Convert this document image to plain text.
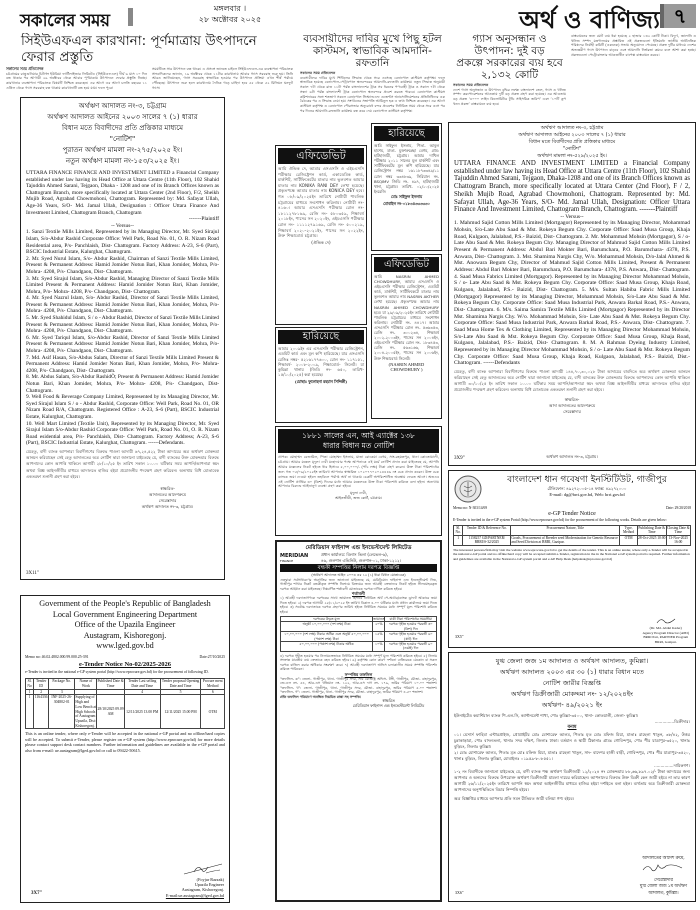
সকালের সময়
মঙ্গলবার ।
২৮ অক্টোবর ২০২৫	অর্থ ও বাণিজ্য ৭
সিইউএফএল কারখানা: পূর্ণমাত্রায় উৎপাদনে ফেরার প্রস্তুতি
সকালের সময় প্রতিবেদক
চট্টগ্রামের রাঙ্গুনিয়ার চিটাগং ইউরিয়া ফার্টিলাইজার লিমিটেড (সিইউএফএল) দীর্ঘ ৬ মাস ১০ দিন বন্ধ থাকার পর আগামী ২৯ অক্টোবর থেকে আবার পূর্ণমাত্রায় উৎপাদনে ফেরার প্রস্তুতি নিচ্ছে। কারখানার ব্যবস্থাপনা পরিচালক বিষয়টি নিশ্চিত করেছেন। এর আগে এর আগে চলতি বছরের ১১ এপ্রিল থেকে গ্যাস সরবরাহ বন্ধ থাকায় কারখানাটি বন্ধ হয়ে যায়। ফলে পুরো
সময়টিতে সার উৎপাদন বন্ধ থাকে। এ প্রসঙ্গে জানতে চাইলে সিইউএফএল-এর ব্যবস্থাপনা পরিচালক সাংবাদিকদের জানান, ১৯ অক্টোবর থেকে ১১টার কারখানায় আবার গ্যাস সরবরাহ শুরু হয়। তিনি আরও জানিয়েছেন, গ্যাস সরবরাহ স্বাভাবিক হওয়ার পর উৎপাদন প্রক্রিয়া এখন শীর্ষ পর্যায়ে পৌঁছেছে। উৎপাদন শুরু হলে কারখানায় দৈনিক গড়ে চাহিদা হবে ৫৫ থেকে ৫২ মিলিয়ন ঘনফুট গ্যাস।
ব্যবসায়ীদের দাবির মুখে পিছু হটল
কাস্টমস, স্বাভাবিক আমদানি-রফতানি
সকালের সময় প্রতিবেদক
ব্যবসায়ীদের দাবির মুখে শিথিলের সিদ্ধান্ত থেকে সরে এসেছে বেনাপোল কাস্টমস কর্তৃপক্ষ। ফলে স্বাভাবিক হয়েছে বেনাপোল-পেট্রাপোল স্থলবন্দরের আমদানি-রফতানি কার্যক্রম। নতুন সিদ্ধান্ত অনুযায়ী সকাল ৭টা থেকে রাত ১১টা পর্যন্ত বাংলাদেশের ট্রাক সব ধরনের পণ্যবাহী ট্রাক ও সকাল ৭টা থেকে সন্ধ্যা ৬টা পর্যন্ত বাংলাদেশী ট্রাক বেনাপোল স্থলবন্দরে প্রবেশ করতে পারবে। বেনাপোল কাস্টমস কমিশনারের সঙ্গে শতভাগ সকলে বেনাপোল সিঅ্যান্ডএফ এজেন্টস অ্যাসোসিয়েশনের প্রতিনিধিদের এক বৈঠকের পর এ সিদ্ধান্ত নেয়া হয়। সংগঠনের সভাপতি আমিনুল হক এ তথ্য নিশ্চিত করেছেন। এর আগে কাস্টমস কর্তৃপক্ষ ও বেনাপোল পৌরসভার অনুরোধে বন্দর প্রবেশের নির্ধারিত সময় থেকে সরে এসে পর পর দিনের আমদানি-রফতানি কার্যক্রম বন্ধ করে দেয় বেনাপোল কাস্টমস কর্তৃপক্ষ।
গ্যাস অনুসন্ধান ও উৎপাদন: দুই বড়
প্রকল্পে সরকারের ব্যয় হবে ২,১৩২ কোটি
সকালের সময় প্রতিবেদক
দেশে গ্যাস অনুসন্ধান ও উৎপাদন বৃদ্ধির লক্ষ্যে বাংলাদেশ তেল, গ্যাস ও খনিজ সম্পদ করপোরেশনের আওতায় দুটি বড় প্রকল্প গ্রহণ করা হয়েছে। এর আওতায় বড় প্রকল্প ‘৪০০০ লাইন কিলোমিটার টুডি সাইসমিক জরিপ’ এবং ‘১০টি কূপ খনন প্রকল্প’ বাস্তবায়নে ব্যয় হবে।
বাস্তবায়নের জন্য মোট ব্যয় ধরা হয়েছে ২ হাজার ১৩২ কোটি টাকা। বিদ্যুৎ, জ্বালানি ও খনিজ সম্পদ মন্ত্রণালয়ের প্রস্তাবিত এই প্রকল্পগুলো ইতিমধ্যে জাতীয় অর্থনৈতিক পরিষদের নির্বাহী কমিটি (একনেক) সভায় অনুমোদন পেয়েছে। প্রকল্প দুটির মাধ্যমে দেশের অভ্যন্তরীণ গ্যাস উৎপাদন বাড়বে এবং আমদানি নির্ভরতা কমবে বলে আশা করা হচ্ছে। প্রকল্পগুলো পেট্রোবাংলার আওতাধীন বাপেক্স বাস্তবায়ন করবে।
অর্থঋণ আদালত নং-৩, চট্টগ্রাম
অর্থঋণ আদালত আইনের ২০০৩ সালের ৭ (১) ধারার
বিধান মতে বিবাদীদের প্রতি প্রত্তিকার মাধ্যমে
"নোটিশ"
পুরাতন অর্থঋণ মামলা নং-২৭৫/২০২৫ ইং।
নতুন অর্থঋণ মামলা নং-১৫৩/২০২৫ ইং।
UTTARA FINANCE FINANCE AND INVESTMENT LIMITED a Financial Company established under law having its Head Office at Uttara Centre (11th Floor), 102 Shahid Tajuddin Ahmed Sarani, Tejgaon, Dhaka - 1208 and one of its Branch Offices known as Chattogram Branch, more specifically located at Uttara Center (2nd Floor), F/2, Sheikh Mujib Road, Agrabad Chowmohoni, Chattogram. Represented by: Md. Safayat Ullah, Age-36 Years, S/O- Md. Jamal Ullah, Designation : Officer Uttara Finance And Investment Limited, Chattogram Branch, Chattogram
-------Plaintiff
-- Versus--
1. Sanzi Textile Mills Limited, Represented by its Managing Director, Mr. Syed Sirajul Islam, S/o-Abdur Rashid Corporate Office: Well Park, Road No. 01, O. R. Nizam Road Residential area, P/s- Panchlaish, Dist- Chattogram. Factory Address: A-23, S-6 (Part), BSCIC Industrial Estate, Kalurghat, Chattogram.
2. Mr. Syed Nurul Islam, S/o- Abdur Rashid, Chairman of Sanzi Textile Mills Limited, Present & Permanent Address: Hamid Jomider Notun Bari, Khan Jomider, Mohra, P/o- Mohra- 4208, P/s- Chandgaon, Dist- Chattogram.
3. Mr. Syed Sirajul Islam, S/o-Abdur Rashid, Managing Director of Sanzi Textile Mills Limited Present & Permanent Address: Hamid Jomider Notun Bari, Khan Jomider, Mohra, P/o- Mohra- 4208, P/s- Chandgaon, Dist- Chattogram.
4. Mr. Syed Nazrul Islam, S/o- Abdur Rashid, Director of Sanzi Textile Mills Limited, Present & Permanent Address: Hamid Jomider Notun Bari, Khan Jomider, Mohra, P/o- Mohra- 4208, P/s- Chandgaon, Dist- Chattogram.
5. Mr. Syed Shahidul Islam, S / o - Abdur Rashid, Director of Sanzi Textile Mills Limited Present & Permanent Address: Hamid Jomider Notun Bari, Khan Jomider, Mohra, P/o- Mohra- 4208, P/s- Chandgaon, Dist- Chattogram.
6. Mr. Syed Tariqul Islam, S/o-Abdur Rashid, Director of Sanzi Textile Mills Limited Present & Permanent Address: Hamid Jomider Notun Bari, Khan Jomider, Mohra, P/o- Mohra- 4208, P/s- Chandgaon, Dist- Chattogram.
7. Md. Asif Hasan, S/o-Abdus Salam, Director of Sanzi Textile Mills Limited Present & Permanent Address: Hamid Jomider Notun Bari, Khan Jomider, Mohra, P/o- Mohra- 4208, P/s- Chandgaon, Dist- Chattogram.
8. Mr. Abdus Salam, S/o-Abdur RashidÒ; Present & Permanent Address: Hamid Jomider Notun Bari, Khan Jomider, Mohra, P/o- Mohra- 4208, P/s- Chandgaon, Dist- Chattogram.
9. Well Food & Beverage Company Limited, Represented by its Managing Director, Mr. Syed Sirajul Islam S / o - Abdur Rashid, Corporate Office: Well Park, Road No. 01, OR Nizam Road R/A, Chattogram. Registered Office : A-23, S-6 (Part), BSCIC Industrial Estate, Kalurghat, Chattogram.
10. Well Mart Limited (Textile Unit), Represented by its Managing Director, Mr. Syed Sirajul Islam S/o-Abdur Rashid Corporate Office: Well Park, Road No. 01, O. R. Nizam Road esidential area, P/s- Panchlaish, Dist- Chattogram. Factory Address; A-23, S-6 (Part), BSCIC Industrial Estate, Kalurghat, Chattogram. ------Defendants.
যেহেতু, বাদী ব্যাংক আপনারা বিবাদীগণের বিরুদ্ধে পাওনা আদায়ী ৬৭,২৪,৫২২ টাকা আদায়ের অত্র অর্থঋণ মোকদ্দমা আনয়ন করিয়াছেন সেই হেতু আদালতের অত্র নোটিশ দ্বারা জানানো যাইতেছে যে, বাদী ব্যাংকের উক্ত মোকদ্দমার বিরুদ্ধে আপনাদের কোন আপত্তি থাকিলে আগামী ২৮/১০/২৫ ইং তারিখ সকাল ১০.০০ ঘটিকার সময় আপনি/আপনারা স্বয়ং অথবা বিজ্ঞ আইনজীবীর মাধ্যমে আদালতে হাজির হইয়া প্রয়োজনীয় পদক্ষেপ গ্রহণ করিবেন। অন্যথায় বিধি মোতাবেক একতরফা শুনানী গ্রহণ করা হইবে।
স্বাক্ষরিত-
আদালতের আদেশক্রমে
সেরেস্তাদার
অর্থঋণ আদালত নং-৩, চট্টগ্রাম।
3X11"
এফিডেভিট
আমি ঐন্দ্রিক দে, আমার এসএসসি ও এইচএসসি পরীক্ষার রেজিষ্ট্রেশন কার্ড, একাডেমিক কার্ড, মার্কশিট, সার্টিফিকেটের মাতার নাম ভুলবশত আমার মাতার নাম KONIKA RANI DEY লেখা হয়েছে। প্রকৃতপক্ষে আমার মাতার নাম KONICA DEY হবে। গত ০৮/০৯/২০২৫ইং তারিখে নোটারী পাবলিক চট্টগ্রামের মাধ্যমে সংশোধন করিলাম। নোটারী নং- ৪১৬০। আমার এসএসসি পরীক্ষার রোল নং- ১৮১১২৭৮১৬৯, রেজি নং- ৫৮০৩৫৯, শিক্ষাবর্ষ ২০১৮ইং, পাসের সন ২০২০ইং, এইচএসসি পরীক্ষার রোল নং- ১১১১২৭৯১৬৯, রেজি নং- ৫০০২১৯, শিক্ষাবর্ষ ২০২০-২০২১ইং, পাসের সন ২০২২ইং, উক্ত শিক্ষাবোর্ড চট্টগ্রাম।
(ঐন্দ্রিক দে)
হারিয়েছে
আমি সাইফুল ইসলাম, পিতা- আবুল হাশেম, মাতা- মুক্তারুন্নেছা বেগম, গ্রাম: হাটহাজারী, চট্টগ্রাম। আমার দাখিল পরীক্ষার ২০১১ সালের মূল মার্কশিট এবং সার্টিফিকেটের মূল কপি হারিয়েছে। যার রেজিস্ট্রেশন নম্বর ১৬১১৮৭৩৩৪৯/১১ রোল নম্বর ৩৩৪৮৩৯, সিরিয়াল নং- BSQIMV জিডি নং- ৪৯৭, হাটহাজারী থানা, চট্টগ্রাম। তারিখ- ০২/১০/২০২৫ ইংরেজি
মোঃ সাইফুল ইসলাম
মোবাইল নং-০১৮৩৪৩৩৩৩৩০
হারিয়েছে
আমার ২০০৯ইং এর এসএসসি পরীক্ষার রেজিস্ট্রেশন, এডমিট কার্ড এবং মূল কপি হারিয়েছে। যার এসএসসি রেজিঃ নম্বর- ৫২১৬১৭৭৬০০, রোল নং- ১১৭১৫১, শিক্ষাবর্ষ- ২০০৮-২০০৯, শিক্ষাবোর্ড- সিলেট। যা কুমিল্লা থানায় (জিডি নং- ৬৫০, তারিখ- ১৫/১০/২০২৫) করা হয়েছে।
(মোছাঃ ফুলোহনা রহমান সিদ্দিকী)
এফিডেভিট
আমি NASRIN AHMED CHOWDHURY, আমার এসএসসি ও এইচএসসি পরীক্ষার রেজিস্ট্রেশন, এডমিট কার্ড, মার্কশিট, সার্টিফিকেটে মাতার নাম ভুলবশত আমার নাম NASRIN AKTHER লেখা হয়েছে। প্রকৃতপক্ষে আমার নাম NASRIN AHMED CHOWDHURY হবে। যা ২৯/০৯/২০২৫ইং তারিখে নোটারী পাবলিক চট্টগ্রামের মাধ্যমে সংশোধন করিলাম। নোটারী নং- ৪৪১৭। আমার এসএসসি পরীক্ষার রোল নং- ৫৩৬৩৫৩, রেজি নং- ৩০০২৩৪, শিক্ষাবর্ষ ২০০২-২০০৩ইং, পাসের সন ২০০৪ইং, এইচএসসি পরীক্ষার রোল নং- ১৮৩৪৫৩, রেজি নং- ৫৬৩১৬৬, শিক্ষাবর্ষ ২০০৪-২০০৫ইং, পাসের সন ২০০৬ইং, উক্ত শিক্ষাবোর্ড সিলেট।
(NASRIN AHMED CHOWDHURY )
১৮৮১ সালের এন, আই এ্যাক্টের ১৩৮
ধারার বিধান মত নোটিশ
প্রাপক: মোহাম্মদ রেজাউল, পিতা মোহাম্মদ ইসলাম, মাতা রোকেয়া বেগম, সাং-রহমতপুর, থানা কোতোয়ালী, চট্টগ্রাম। আমার মক্কেল মৃদুলা দেবী মহোদয়ার পক্ষে আপনাকে এই মর্মে নোটিশ প্রদান করা যাইতেছে যে, আপনি আমার মক্কেলের নিকট হইতে ধার হিসাবে ৫,০০,০০০/- (পাঁচ লক্ষ) টাকা গ্রহণ করেন। উক্ত টাকা পরিশোধের জন্য গত ০৫/০৯/২০২৫ইং তারিখে আপনার স্বাক্ষরিত ১০২০৭৭০২০২৪৪৪৬ নং চেক প্রদান করেন। উক্ত চেক ব্যাংকে জমা দেওয়া হইলে তহবিলে পর্যাপ্ত অর্থ না থাকায় চেকটি অপরিশোধিত অবস্থায় ফেরত আসে। অতএব এই নোটিশ প্রাপ্তির ৩০ (ত্রিশ) দিনের মধ্যে আমার মক্কেলকে উক্ত টাকা পরিশোধ করিতে বলা হইল। অন্যথায় আপনার বিরুদ্ধে আইনানুগ ব্যবস্থা গ্রহণ করা হইবে।
মৃদুলা দেবী,
আইনজীবী, জজ কোর্ট, চট্টগ্রাম।
মেরিডিয়ান ফাইনান্স এন্ড ইনভেস্টমেন্ট লিমিটেড
MERIDIAN
FINANCE
প্রধান কার্যালয়: বিলাস ভিলা (লেভেল-৬),
৪৬, গুলশান এভিনিউ, গুলশান-০১, ঢাকা-১২১২।
বন্ধকী সম্পত্তির নিলাম দরপত্র বিজ্ঞপ্তি
(অর্থঋণ আদালত আইন ২০০৩ এর ১২ (১) ধারা বিধান মোতাবেক)
এতদ্বারা সর্বসাধারণের অবগতির জন্য জানানো যাইতেছে যে, মেরিডিয়ান ফাইনান্স এন্ড ইনভেস্টমেন্ট লিঃ, গাজীপুর শাখার নিকট বন্ধকীকৃত সম্পত্তি নিলামে বিক্রয়ের জন্য আগ্রহী ক্রেতাদের নিকট হইতে সীলমোহরকৃত দরপত্র আহ্বান করা যাইতেছে। নিম্নবর্ণিত শর্তাবলী মোতাবেক দরপত্র দাখিল করিতে হইবে।
শর্তাবলী
১) আগ্রহী দরদাতাগণকে দরপত্রের সাথে জামানত হিসাবে নির্ধারিত অর্থ পে-অর্ডার/ব্যাংক ড্রাফট আকারে জমা দিতে হইবে। ২) দরপত্র আগামী ২৫/১১/২০২৫ ইং তারিখ বিকাল ৪.০০ ঘটিকার মধ্যে প্রধান কার্যালয়ে জমা দিতে হইবে। ৩) সর্বোচ্চ দরদাতাকে দরপত্র গ্রহণের তারিখ হইতে নির্ধারিত সময়ের মধ্যে সম্পূর্ণ মূল্য পরিশোধ করিতে হইবে।
দরপত্রের উদ্ধৃত মূল্য	জামানত	বাকী টাকা পরিশোধের সময়সীমা
অনূর্ধ্ব ১০,০০,০০০ (দশ লক্ষ) টাকা	২০%	দরপত্র গৃহীত হওয়ার পরবর্তী ৩০ (ত্রিশ) দিন
১০,০০,০০০ (দশ লক্ষ) টাকার অধিক এবং অনূর্ধ্ব ৫০,০০,০০০ (পঞ্চাশ লক্ষ) টাকা	১৫%	দরপত্র গৃহীত হওয়ার পরবর্তী ৬০ (ষাট) দিন
৫০,০০,০০০ (পঞ্চাশ লক্ষ) টাকার অধিক	১০%	দরপত্র গৃহীত হওয়ার পরবর্তী ৯০ (নব্বই) দিন
৪) দরপত্র গৃহীত হওয়ার পর নিলামক্রেতাকে নির্ধারিত সময়ের মধ্যে সম্পূর্ণ মূল্য পরিশোধ করিতে হইবে। ৫) নিলাম সংক্রান্ত যাবতীয় ব্যয় ক্রেতাকে বহন করিতে হইবে। ৬) কর্তৃপক্ষ কোন কারণ দর্শানো ব্যতিরেকে যেকোন বা সকল দরপত্র বাতিল করার অধিকার সংরক্ষণ করে। ৭) আগ্রহী দরদাতাগণ অফিস চলাকালীন সময়ে সম্পত্তি পরিদর্শন করিতে পারিবেন।
সম্পত্তির তফসিল
"তফসিল- ক": জেলা- গাজীপুর, থানা- গাজীপুর সদর, সাব রেজিষ্ট্রি অফিস- টঙ্গী, গাজীপুর, মৌজা- বাহাদুরপুর, জে.এল নং- ৫৪, আর.এস খতিয়ান নং- ১২২, আর.এস দাগ নং- ১৭৯, জমির পরিমাণ ১০.০০ শতাংশ। "তফসিল- খ": জেলা- গাজীপুর, থানা- গাজীপুর সদর, মৌজা- বাহাদুরপুর, জমির পরিমাণ ৫.০০ শতাংশ। "তফসিল- গ": জেলা- গাজীপুর, থানা- গাজীপুর সদর, মৌজা- বাহাদুরপুর, জমির পরিমাণ ৪.৫০ শতাংশ।
প্রতি তফসিল পরিমাণে অবস্থিত নিয়মিত রাস্তা সহ সম্পত্তি।
স্বাক্ষরিত
মেরিডিয়ান ফাইনান্স এন্ড ইনভেস্টমেন্ট লিমিটেড
অর্থঋণ আদালত নং-৩, চট্টগ্রাম
অর্থঋণ আদালত আইনের ২০০৩ সালের ৭ (১) ধারার
বিধান মতে বিবাদীদের প্রতি প্রত্তিকার মাধ্যমে
"নোটিশ"
অর্থঋণ মামলা নং-৫২৯/২০২৫ ইং।
UTTARA FINANCE AND INVESTMENT LIMITED a Financial Company established under law having its Head Office at Uttara Centre (11th Floor), 102 Shahid Tajuddin Ahmed Sarani, Tejgaon, Dhaka-1208 and one of its Branch Offices known as Chattogram Branch, more specifically located at Uttara Center (2nd Floor), F / 2, Sheikh Mujib Road, Agrabad Chowmohoni, Chattogram. Represented by: Md. Safayat Ullah, Age-36 Years, S/O- Md. Jamal Ullah, Designation: Officer Uttara Finance And Investment Limited, Chattogram Branch, Chattogram. -------Plaintiff
-- Versus--
1. Mahmud Sajid Cotton Mills Limited (Mortgagor) Represented by its Managing Director, Mohammad Mohsin, S/o-Late Abu Saad & Mst. Rokeya Begum Chy. Corporate Office: Saad Musa Group, Khaja Road, Kulgaon, Jalalabad, P.S.- Baizid, Dist- Chattogram. 2. Mr. Mohammad Mohsin (Mortgagor), S / o- Late Abu Saad & Mst. Rokeya Begum Chy. Managing Director of Mahmud Sajid Cotton Mills Limited Present & Permanent Address: Abdul Bari Mokter Bari, Barumchara, P.O. Barumchara- 4378, P.S. Anwara, Dist- Chattogram. 3. Mst. Shamima Nargis Chy, W/o. Mohammad Mohsin, D/o-Jalal Ahmed & Mst. Anowara Begum Chy, Director of Mahmud Sajid Cotton Mills Limited, Present & Permanent Address: Abdul Bari Mokter Bari, Barumchara, P.O. Barumchara- 4378, P.S. Anwara, Dist- Chattogram. 4. Saad Musa Fabrics Limited (Mortgagor). Represented by its Managing Director Mohammad Mohsin, S / o- Late Abu Saad & Mst. Rokeya Begum Chy. Corporate Office: Saad Musa Group, Khaja Road, Kulgaon, Jalalabad, P.S.- Baizid, Dist- Chattogram. 5. M/s. Sultan Habiba Fabric Mills Limited (Mortgagor) Represented by its Managing Director, Mohammad Mohsin, S/o-Late Abu Saad & Mst. Rokeya Begum Chy. Corporate Office: Saad Musa Industrial Park, Anwara Barkal Road, P.S.- Anwara, Dist- Chattogram. 6. M/s. Saima Samira Textile Mills Limited (Mortgagor) Represented by its Director Mst. Shamima Nargis Chy. W/o. Mohammad Mohsin, S/o- Late Abu Saad & Mst. Rokeya Begum Chy. Corporate Office: Saad Musa Industrial Park, Anwara Barkal Road, P.S.- Anwara, Dist- Chattogram. 7. Saad Musa Home Tex & Clothing Limited, Represented by its Managing Director Mohammad Mohsin, S/o-Late Abu Saad & Mst. Rokeya Begum Chy. Corporate Office: Saad Musa Group, Khaja Road, Kulgaon, Jalalabad, P.S.- Baizid, Dist- Chattogram. 8. M. A Rahman Dyeing Industry Limited, Represented by its Managing Director Mohammad Mohsin, S / o- Late Abu Saad & Mst. Rokeya Begum Chy. Corporate Office: Saad Musa Group, Khaja Road, Kulgaon, Jalalabad, P.S.- Baizid, Dist.- Chattogram. ------Defendants
যেহেতু, বাদী ব্যাংক আপনারা বিবাদীগণের বিরুদ্ধে পাওনা আদায়ী ১৪৪,৭০,৩০,০২৮ টাকা আদায়ের বাবদিতে অত্র অর্থঋণ মোকদ্দমা আনয়ন করিয়াছেন সেই হেতু আদালতের অত্র নোটিশ দ্বারা জানানো যাইতেছে যে, বাদী ব্যাংকের উক্ত মোকদ্দমার বিরুদ্ধে আপনাদের কোন আপত্তি থাকিলে আগামী ৩০/১০/২৫ ইং তারিখ সকাল ১০.০০ ঘটিকার সময় আপনি/আপনারা স্বয়ং অথবা বিজ্ঞ আইনজীবীর মাধ্যমে আদালতে হাজির হইয়া প্রয়োজনীয় পদক্ষেপ গ্রহণ করিবেন। অন্যথায় বিধি মোতাবেক একতরফা শুনানী গ্রহণ করা হইবে।
স্বাক্ষরিত-
আদা আদালতের আদেশক্রমে
সেরেস্তাদার
3X9"	অর্থঋণ আদালত নং-৩, চট্টগ্রাম।
Government of the People's Republic of Bangladesh
Local Government Engineering Department
Office of the Upazila Engineer
Austagram, Kishoregonj.
www.lged.gov.bd
Memo no: 46.02.4802.000.99.000.25-391	Date:27/10/2025
e-Tender Notice No-02/2025-2026
e-Tender is invited in the national e-GP system portal (http://www.eprocure.gov.bd) for the procurement of following ID.
Sl. No	Tender ID	Package No.	Name of Work	Published Date & Time	Tender Last selling Date and Time	Tender proposal Opening Date and Time	Procure ment Method
1	2	3			4	5	6
1	1164336	INF-2025-26-304802-01	Supplying of High and Low Bench at High Schools of Austagram Upazila, Dist: Kishoregonj.	28/10/2025 09.09 AM	12/11/2025 13.00 PM	12/11/2025 15.00 PM	OTM
This is an online tender, where only e-Tender will be accepted in the national e-GP portal and no offline/hard copies will be accepted. To submit e-Tender, please register on e-GP system (http://www.eprocure.gov.bd) for more details please contact support desk contact numbers. Further information and guidelines are available in the e-GP portal and also from e-mail: ue.austagram@lged.gov.bd or call to 09422-50615.
(Foyjur Razzak)
Upazila Engineer
Austagram, Kishoregonj.
E-mail:ue.austagram@lged.gov.bd
3X7"
বাংলাদেশ ধান গবেষণা ইনস্টিটিউট, গাজীপুর
টেলিফোন: ৪৯২৭২০০৫-১৪ ফ্যাক্স: ৪৯২৭২০০০
E-mail: dg@brri.gov.bd, Web: brri.gov.bd
Memo no: N-303/14/69	Date: 29/20/2018
e-GP Tender Notice
E-Tender is invited in the e-GP system Portal (http://www.eprocure.gov.bd) for the procurement of the following works. Details are given below:
Sl. No.	Tender ID & Reference No.	Procurement Nature, Title	Type, Method	Publishing Date & Time	Closing Date & Time
1	1158257 GD/PARTNER/ BRRI/S-32/2025	Goods, Procurement of Breeder seed Modernization for Genetic Resource and Seed Division at BRRI, Gazipur.	OTM	28-Oct-2025 10:00	13-Nov-2025 16:00
The interested persons/firm may visit the website www.eprocure.gov.bd to get the details of the tender. This is an online tender, where only e-Tender will be accepted in the national e-GP portal and no offline/hard copy will be accepted submit e-Tender, registration in the in the National e-GP system portal is required. Further information and guidelines are available in the National e-GP system portal and e-GP Help Desk (helpdesk@eprocure.gov.bd)
(Dr. Md. Abdul Kader)
Agency Program Director (APD)
BRRI Part, PARTNER Program
BRRI, Gazipur.
3X5"
যুগ্ম জেলা জজ ১ম আদালত ও অর্থঋণ আদালত, কুমিল্লা।
অর্থঋণ আদালত ২০০৩ এর ৩০ (১) ধারার বিধান মতে
নোটিশ জারীর বিজ্ঞপ্তি
অর্থঋণ ডিক্রীজারী মোকদ্দমা নং- ১২/২০২৪ইং
অর্থঋণ- ৪৯/২০২১ ইং
ইউনাইটেড কমার্শিয়াল ব্যাংক পি.এল.সি, ক্যান্টনমেন্ট শাখা, পোঃ কুমিল্লা-৩৫০০, থানা- কোতয়ালী, জেলা- কুমিল্লা।
...............ডিক্রীদার।
বনাম
০১। মেসার্স ফাহিমা এন্টারপ্রাইজ, প্রোপ্রাইটর মোঃ মোশারেফ আলম, পিতাঃ মৃত মোঃ মফিজ মিয়া, মাতাঃ রাহেলা খাতুন, ৩৮/৪২, উত্তর চুন্নাকাড়ারা, পোঃ বাদলতলা, থানাঃ সদর দক্ষিণ, জিলাঃ ঢাকা। বর্তমান ও স্থায়ী ঠিকানাঃ গ্রামঃ গোবিন্দপুর, পোঃ পীর যাত্রাপুর-৩৫২০, থানাঃ বুড়িচং, জিলাঃ কুমিল্লা।
২। মোঃ মোশারেফ আলম, পিতাঃ মৃত মোঃ মফিজ মিয়া, মাতাঃ রাহেলা খাতুন, সাং- বাদেশর হাজী বাড়ী, গোবিন্দপুর, পোঃ পীর যাত্রাপুর-৩৫২০, থানাঃ বুড়িচং, জিলাঃ কুমিল্লা, মোবাইলঃ ০১৯৫৯-৮০৮৫৫১।
...............দায়িকগণ।
১-২ নং বিবাদীকে জানানো যাইতেছে যে, বাদী ব্যাংক পক্ষ অর্থঋণ ডিক্রীজারী ১২/২০২৪ নং মোকদ্দমায় ৮৮,৬৬,৮৯৭.০২/- টাকা আদায়ের জন্য আপনার ও অন্যদের বিরুদ্ধে উপরোক্ত অর্থঋণ ডিক্রীজারী মামলা দায়ের করিয়াছেন। আপনাদের বিরুদ্ধে উক্ত ডিক্রী কেন জারী হইবে না তার কারণ আগামী ২৬/১১/২০২৫ইং তারিখে আপনি স্বয়ং অথবা আইনজীবীর মাধ্যমে হাজির হইয়া দর্শাইতে বলা হইল। ব্যর্থতায় অত্র ডিক্রীজারী মোকদ্দমা আপনাদের অনুপস্থিতিতে বিচার নিষ্পত্তি হইবে।
অত্র বিজ্ঞপ্তির মাধ্যমে আপনার প্রতি সমন রীতিমত জারী বলিয়া গণ্য হইবে।
আদালতের আদেশ ক্রমে,
সেরেস্তাদার
যুগ্ম জেলা জজ ১ম অর্থঋণ
আদালত, কুমিল্লা।
3X6"
